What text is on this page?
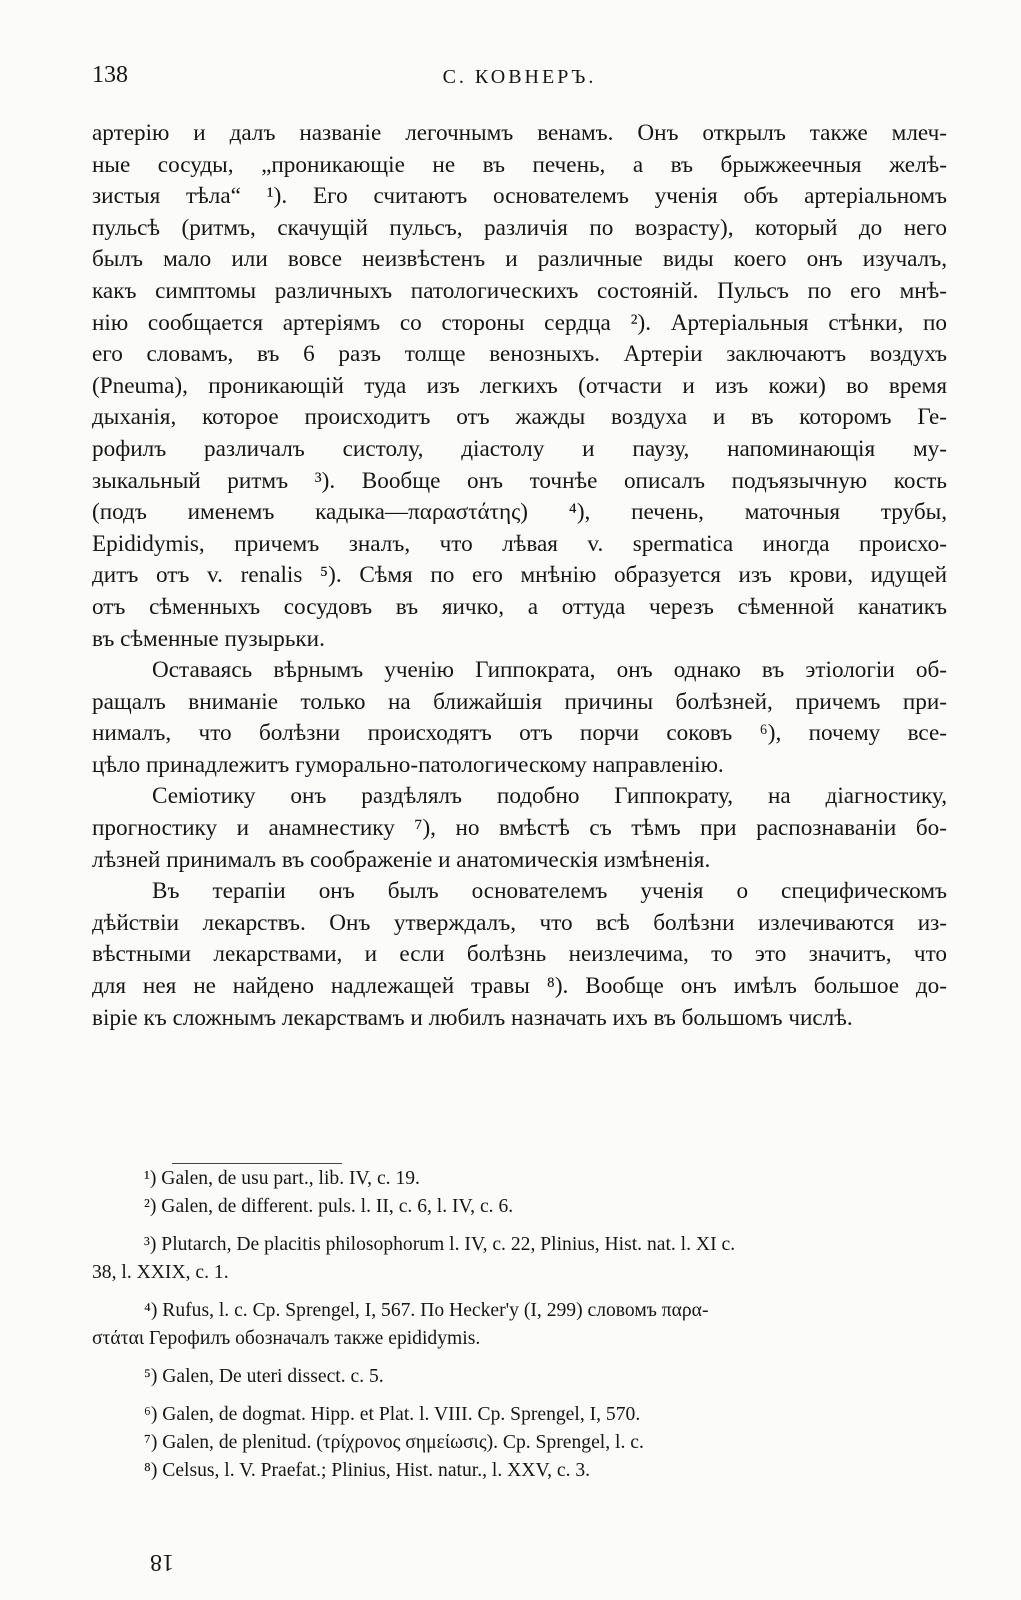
138	С. КОВНЕРЪ.
артерію и далъ названіе легочнымъ венамъ. Онъ открылъ также млеч-
ные сосуды, „проникающіе не въ печень, а въ брыжжеечныя желѣ-
зистыя тѣла“ ¹). Его считаютъ основателемъ ученія объ артеріальномъ
пульсѣ (ритмъ, скачущій пульсъ, различія по возрасту), который до него
былъ мало или вовсе неизвѣстенъ и различные виды коего онъ изучалъ,
какъ симптомы различныхъ патологическихъ состояній. Пульсъ по его мнѣ-
нію сообщается артеріямъ со стороны сердца ²). Артеріальныя стѣнки, по
его словамъ, въ 6 разъ толще венозныхъ. Артеріи заключаютъ воздухъ
(Pneuma), проникающій туда изъ легкихъ (отчасти и изъ кожи) во время
дыханія, которое происходитъ отъ жажды воздуха и въ которомъ Ге-
рофилъ различалъ систолу, діастолу и паузу, напоминающія му-
зыкальный ритмъ ³). Вообще онъ точнѣе описалъ подъязычную кость
(подъ именемъ кадыка—παραστάτης) ⁴), печень, маточныя трубы,
Epididymis, причемъ зналъ, что лѣвая v. spermatica иногда происхо-
дитъ отъ v. renalis ⁵). Сѣмя по его мнѣнію образуется изъ крови, идущей
отъ сѣменныхъ сосудовъ въ яичко, а оттуда черезъ сѣменной канатикъ
въ сѣменные пузырьки.
Оставаясь вѣрнымъ ученію Гиппократа, онъ однако въ этіологіи об-
ращалъ вниманіе только на ближайшія причины болѣзней, причемъ при-
нималъ, что болѣзни происходятъ отъ порчи соковъ ⁶), почему все-
цѣло принадлежитъ гуморально-патологическому направленію.
Семіотику онъ раздѣлялъ подобно Гиппократу, на діагностику,
прогностику и анамнестику ⁷), но вмѣстѣ съ тѣмъ при распознаваніи бо-
лѣзней принималъ въ соображеніе и анатомическія измѣненія.
Въ терапіи онъ былъ основателемъ ученія о специфическомъ
дѣйствіи лекарствъ. Онъ утверждалъ, что всѣ болѣзни излечиваются из-
вѣстными лекарствами, и если болѣзнь неизлечима, то это значитъ, что
для нея не найдено надлежащей травы ⁸). Вообще онъ имѣлъ большое до-
віріе къ сложнымъ лекарствамъ и любилъ назначать ихъ въ большомъ числѣ.
¹) Galen, de usu part., lib. IV, c. 19.
²) Galen, de different. puls. l. II, c. 6, l. IV, c. 6.
³) Plutarch, De placitis philosophorum l. IV, c. 22, Plinius, Hist. nat. l. XI c.
38, l. XXIX, c. 1.
⁴) Rufus, l. c. Cp. Sprengel, I, 567. По Hecker'y (I, 299) словомъ παρα-
στάται Герофилъ обозначалъ также epididymis.
⁵) Galen, De uteri dissect. c. 5.
⁶) Galen, de dogmat. Hipp. et Plat. l. VIII. Cp. Sprengel, I, 570.
⁷) Galen, de plenitud. (τρίχρονος σημείωσις). Cp. Sprengel, l. c.
⁸) Celsus, l. V. Praefat.; Plinius, Hist. natur., l. XXV, c. 3.
18
